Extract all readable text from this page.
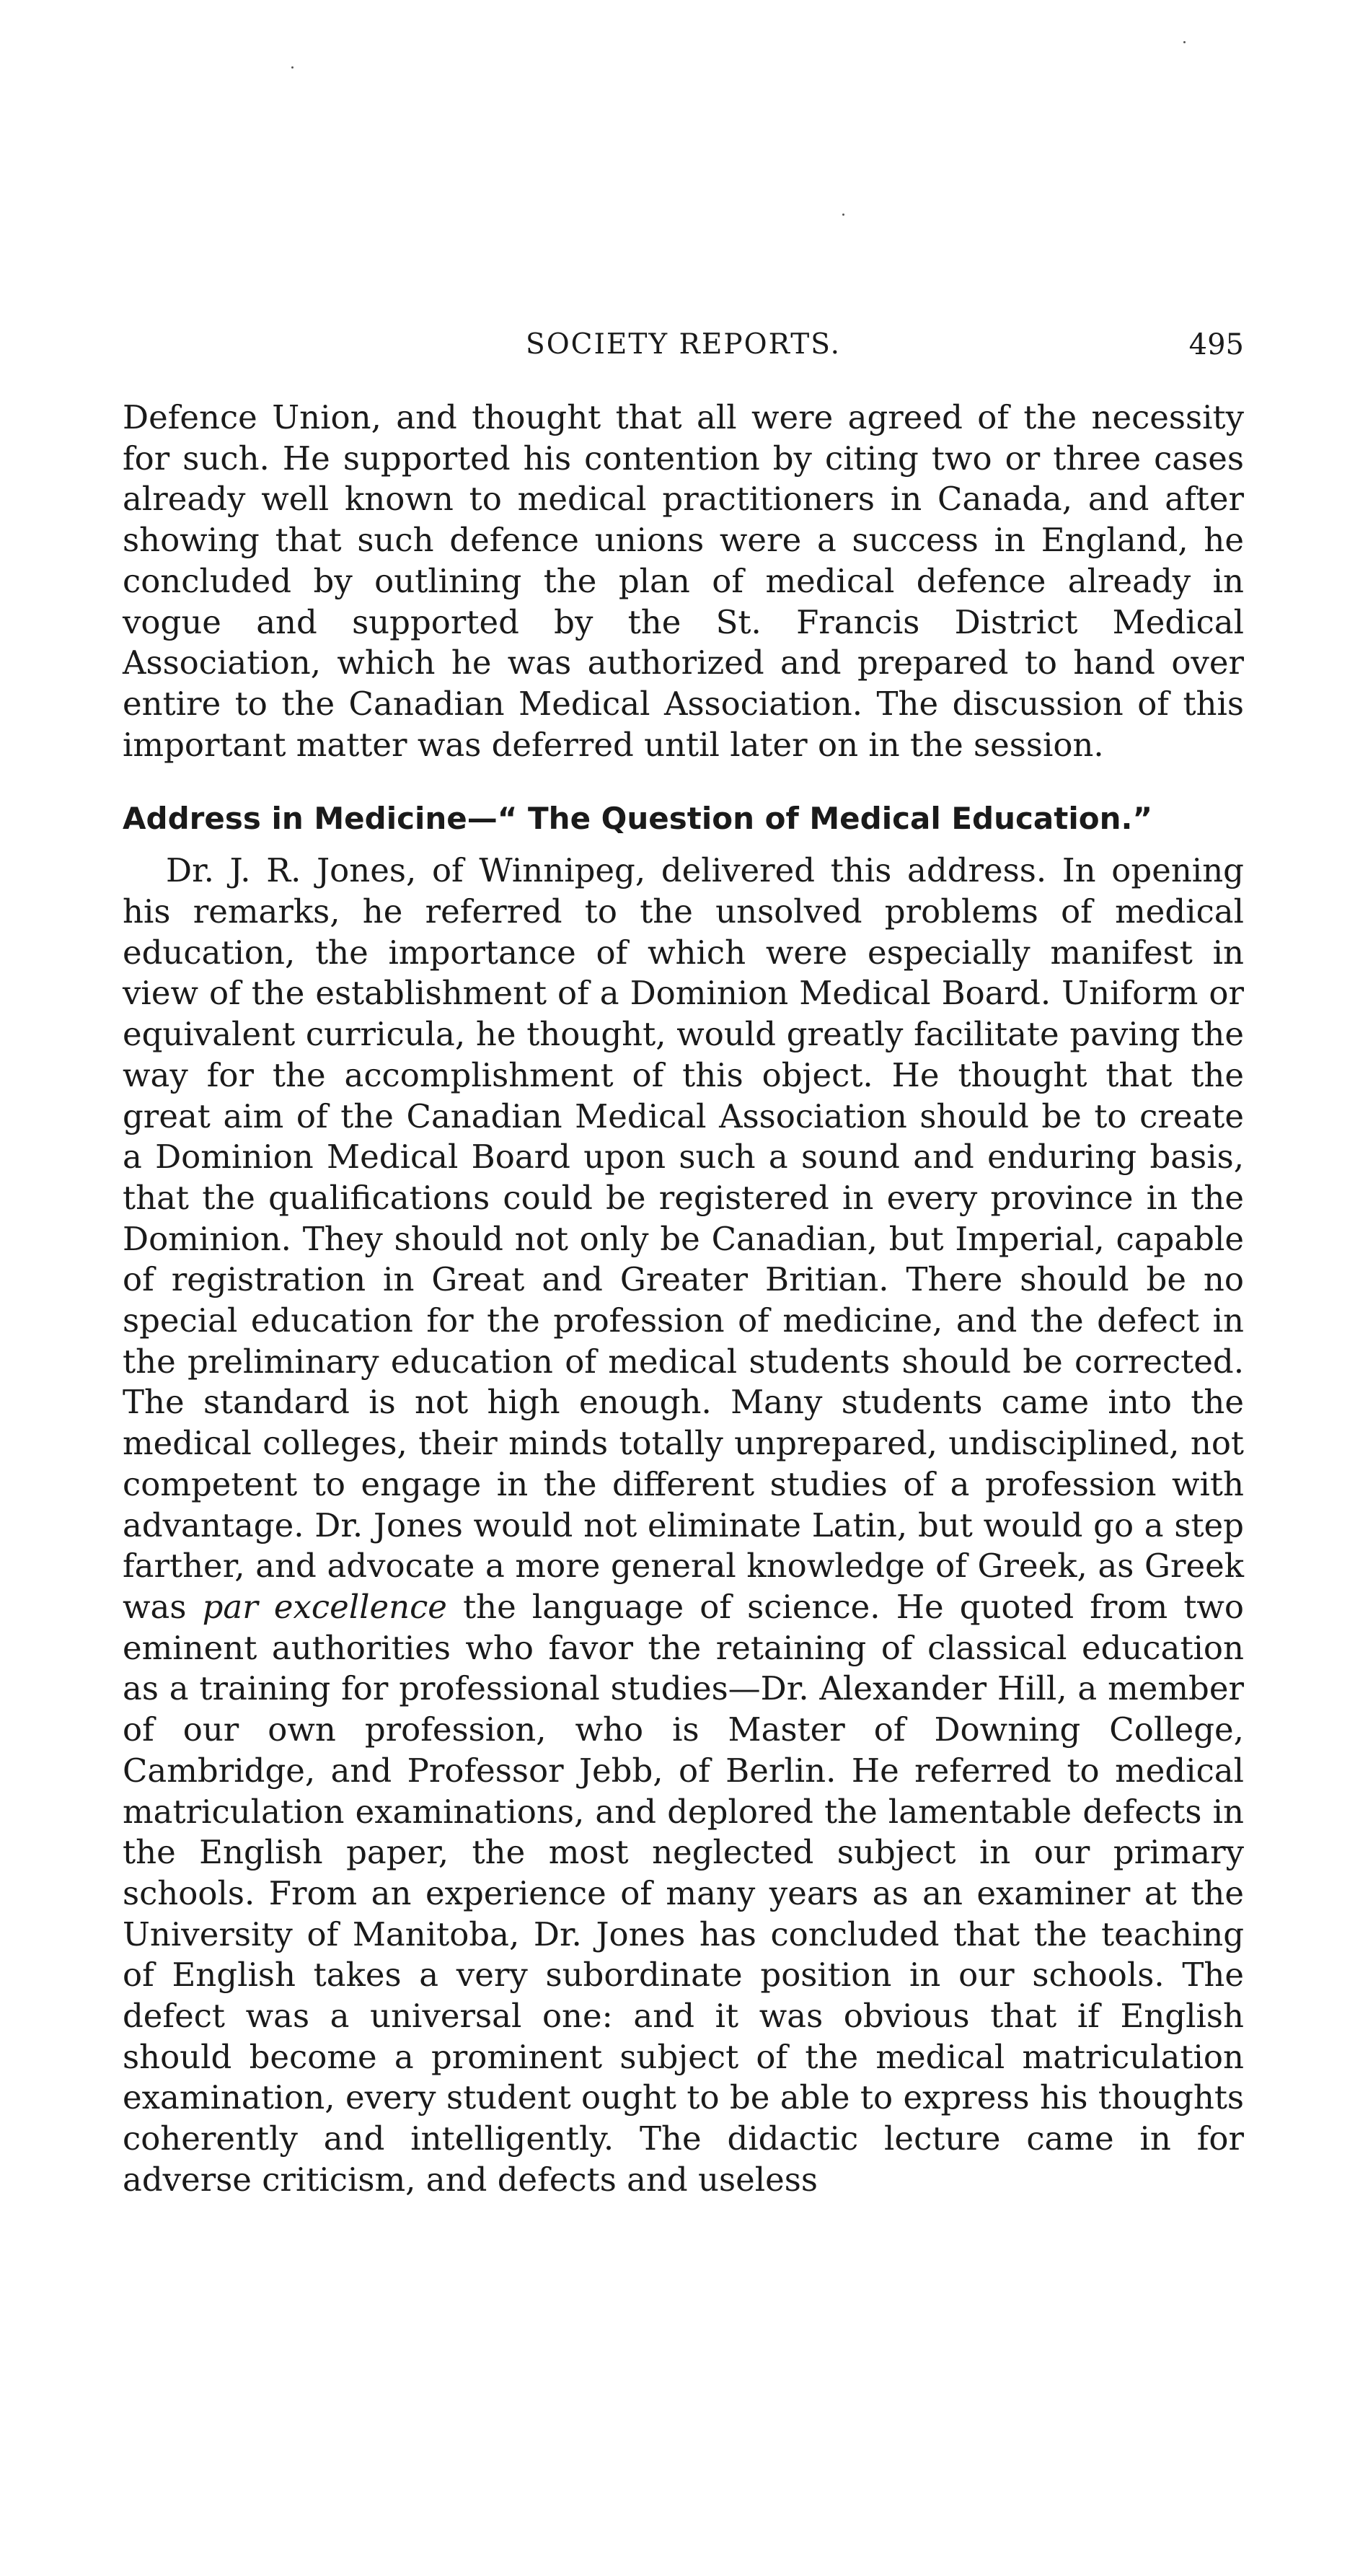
SOCIETY REPORTS.	495

Defence Union, and thought that all were agreed of the necessity for such. He supported his contention by citing two or three cases already well known to medical practitioners in Canada, and after showing that such defence unions were a success in England, he concluded by outlining the plan of medical defence already in vogue and supported by the St. Francis District Medical Association, which he was authorized and prepared to hand over entire to the Canadian Medical Association. The discussion of this important matter was deferred until later on in the session.

Address in Medicine—“ The Question of Medical Education.”

Dr. J. R. Jones, of Winnipeg, delivered this address. In opening his remarks, he referred to the unsolved problems of medical education, the importance of which were especially manifest in view of the establishment of a Dominion Medical Board. Uniform or equivalent curricula, he thought, would greatly facilitate paving the way for the accomplishment of this object. He thought that the great aim of the Canadian Medical Association should be to create a Dominion Medical Board upon such a sound and enduring basis, that the qualifications could be registered in every province in the Dominion. They should not only be Canadian, but Imperial, capable of registration in Great and Greater Britian. There should be no special education for the profession of medicine, and the defect in the preliminary education of medical students should be corrected. The standard is not high enough. Many students came into the medical colleges, their minds totally unprepared, undisciplined, not competent to engage in the different studies of a profession with advantage. Dr. Jones would not eliminate Latin, but would go a step farther, and advocate a more general knowledge of Greek, as Greek was par excellence the language of science. He quoted from two eminent authorities who favor the retaining of classical education as a training for professional studies—Dr. Alexander Hill, a member of our own profession, who is Master of Downing College, Cambridge, and Professor Jebb, of Berlin. He referred to medical matriculation examinations, and deplored the lamentable defects in the English paper, the most neglected subject in our primary schools. From an experience of many years as an examiner at the University of Manitoba, Dr. Jones has concluded that the teaching of English takes a very subordinate position in our schools. The defect was a universal one: and it was obvious that if English should become a prominent subject of the medical matriculation examination, every student ought to be able to express his thoughts coherently and intelligently. The didactic lecture came in for adverse criticism, and defects and useless
